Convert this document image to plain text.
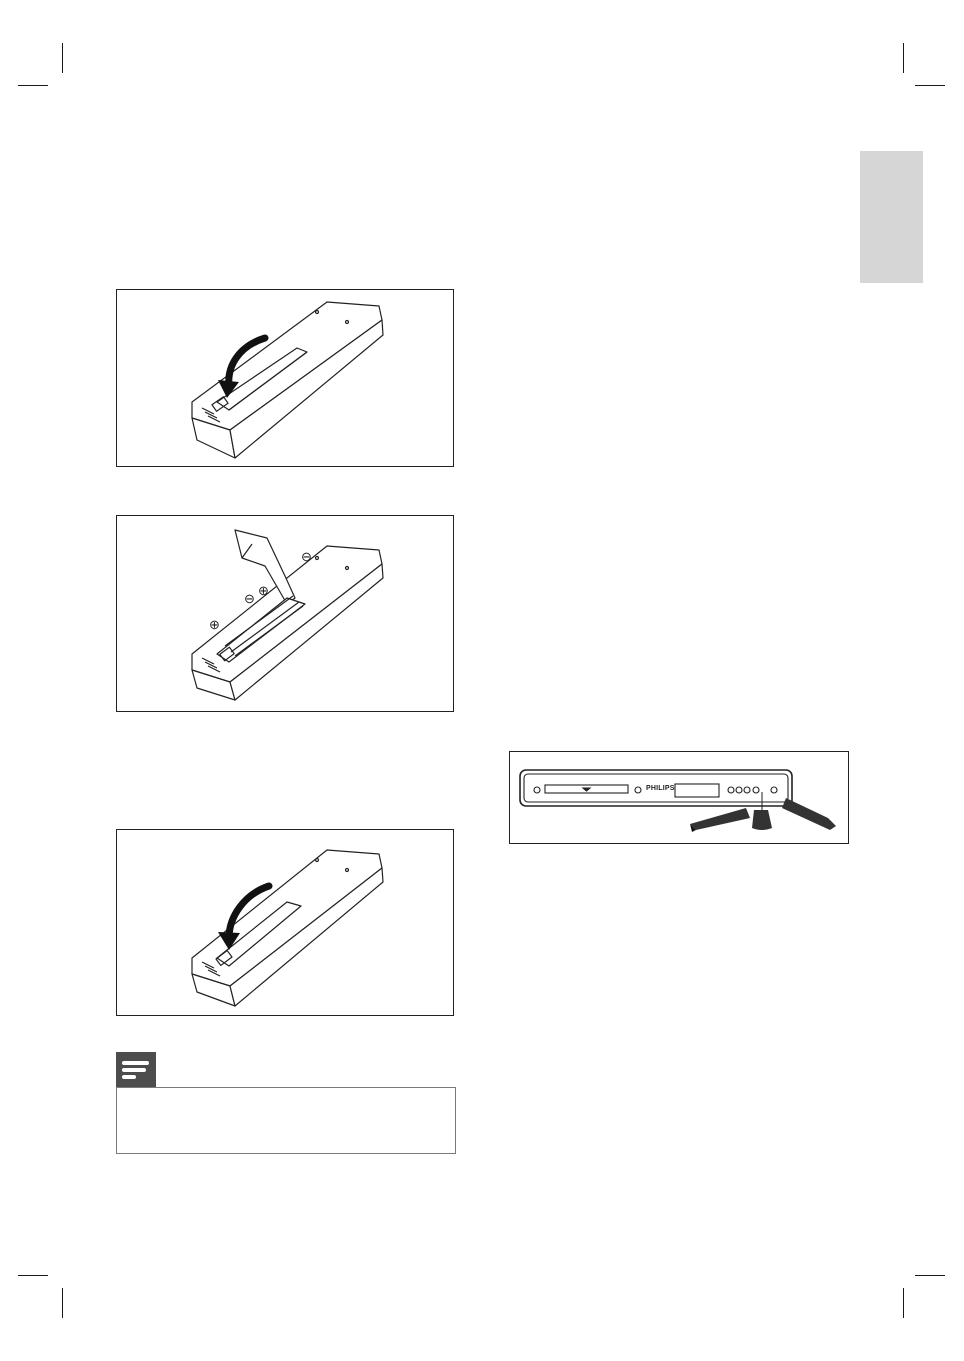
⊕
⊖
⊕
⊖
PHILIPS
